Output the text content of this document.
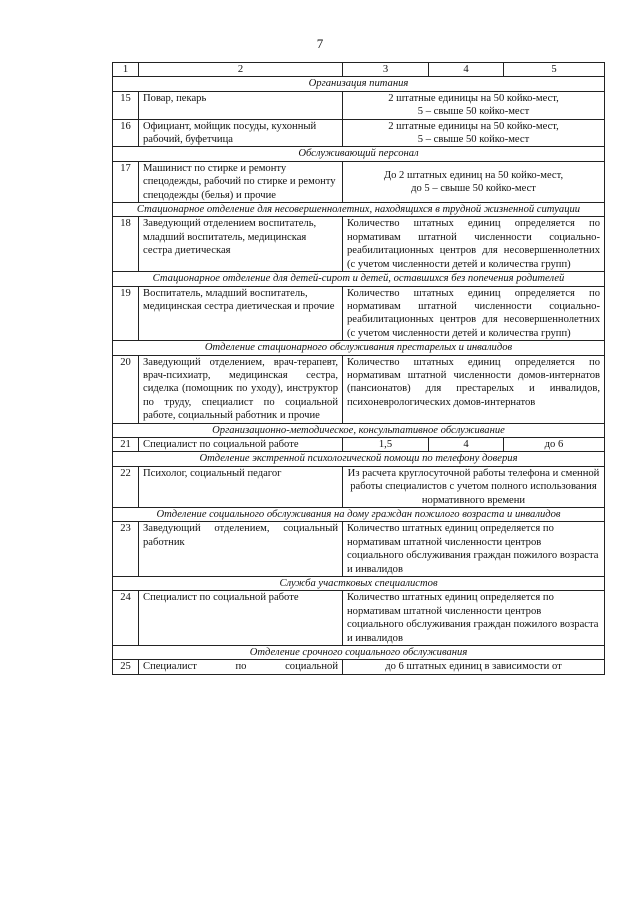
7
1	2	3	4	5
Организация питания				
15	Повар, пекарь	2 штатные единицы на 50 койко-мест,
5 – свыше 50 койко-мест		
16	Официант, мойщик посуды, кухонный рабочий, буфетчица	2 штатные единицы на 50 койко-мест,
5 – свыше 50 койко-мест		
Обслуживающий персонал				
17	Машинист по стирке и ремонту спецодежды, рабочий по стирке и ремонту спецодежды (белья) и прочие	До 2 штатных единиц на 50 койко-мест,
до 5 – свыше 50 койко-мест		
Стационарное отделение для несовершеннолетних, находящихся в трудной жизненной ситуации				
18	Заведующий отделением воспитатель, младший воспитатель, медицинская сестра диетическая	Количество штатных единиц определяется по нормативам штатной численности социально-реабилитационных центров для несовершеннолетних (с учетом численности детей и количества групп)		
Стационарное отделение для детей-сирот и детей, оставшихся без попечения родителей				
19	Воспитатель, младший воспитатель, медицинская сестра диетическая и прочие	Количество штатных единиц определяется по нормативам штатной численности социально-реабилитационных центров для несовершеннолетних (с учетом численности детей и количества групп)		
Отделение стационарного обслуживания престарелых и инвалидов				
20	Заведующий отделением, врач-терапевт, врач-психиатр, медицинская сестра, сиделка (помощник по уходу), инструктор по труду, специалист по социальной работе, социальный работник и прочие	Количество штатных единиц определяется по нормативам штатной численности домов-интернатов (пансионатов) для престарелых и инвалидов, психоневрологических домов-интернатов		
Организационно-методическое, консультативное обслуживание				
21	Специалист по социальной работе	1,5	4	до 6
Отделение экстренной психологической помощи по телефону доверия				
22	Психолог, социальный педагог	Из расчета круглосуточной работы телефона и сменной работы специалистов с учетом полного использования нормативного времени		
Отделение социального обслуживания на дому граждан пожилого возраста и инвалидов				
23	Заведующий отделением, социальный работник	Количество штатных единиц определяется по нормативам штатной численности центров социального обслуживания граждан пожилого возраста и инвалидов		
Служба участковых специалистов				
24	Специалист по социальной работе	Количество штатных единиц определяется по нормативам штатной численности центров социального обслуживания граждан пожилого возраста и инвалидов		
Отделение срочного социального обслуживания				
25	Специалист по социальной	до 6 штатных единиц в зависимости от		
